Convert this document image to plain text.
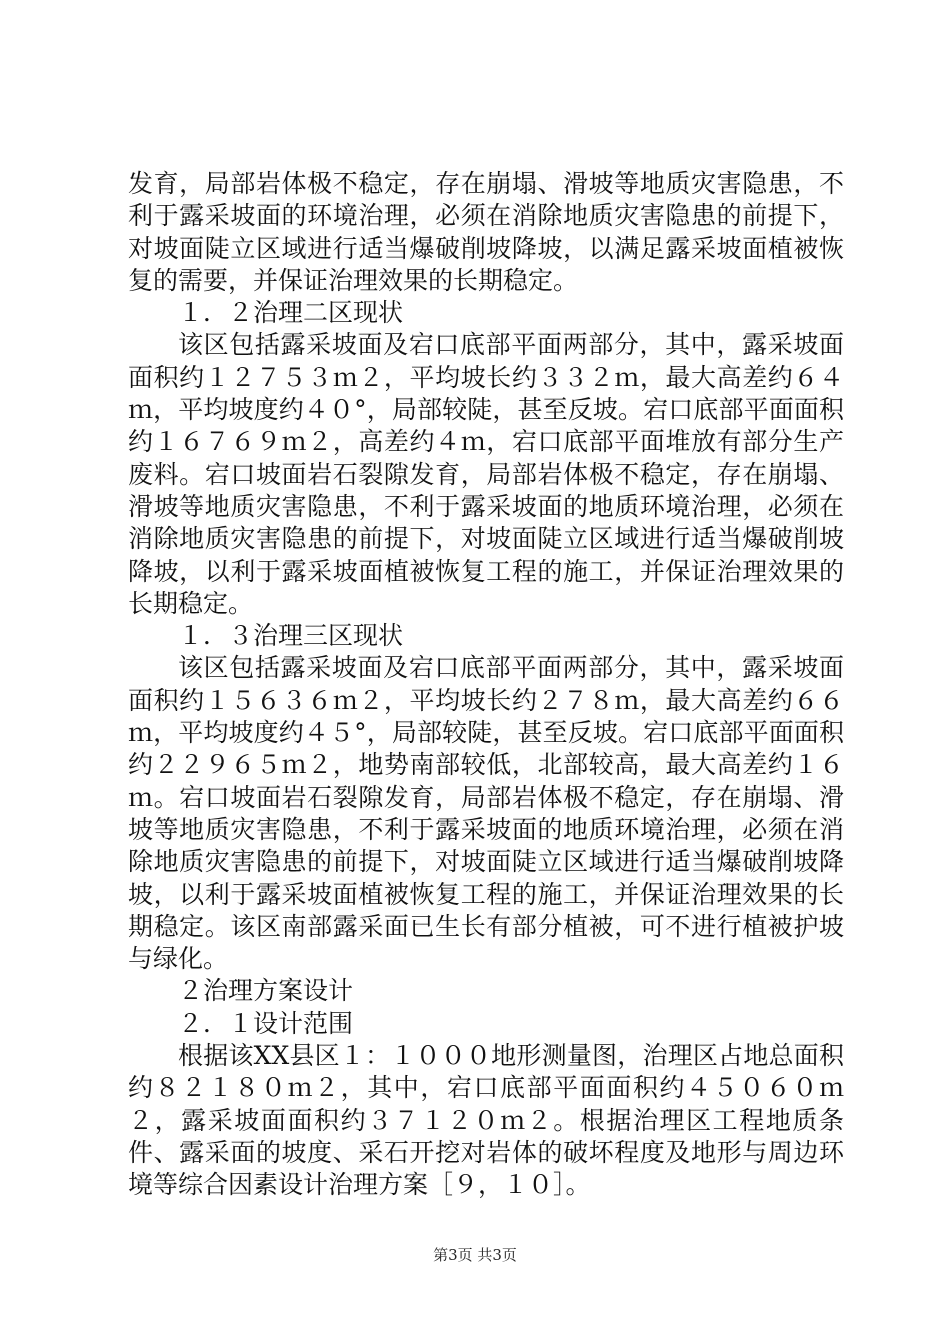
发育，局部岩体极不稳定，存在崩塌、滑坡等地质灾害隐患，不利于露采坡面的环境治理，必须在消除地质灾害隐患的前提下，对坡面陡立区域进行适当爆破削坡降坡，以满足露采坡面植被恢复的需要，并保证治理效果的长期稳定。

１．２治理二区现状

该区包括露采坡面及宕口底部平面两部分，其中，露采坡面面积约１２７５３ｍ２，平均坡长约３３２ｍ，最大高差约６４ｍ，平均坡度约４０°，局部较陡，甚至反坡。宕口底部平面面积约１６７６９ｍ２，高差约４ｍ，宕口底部平面堆放有部分生产废料。宕口坡面岩石裂隙发育，局部岩体极不稳定，存在崩塌、滑坡等地质灾害隐患，不利于露采坡面的地质环境治理，必须在消除地质灾害隐患的前提下，对坡面陡立区域进行适当爆破削坡降坡，以利于露采坡面植被恢复工程的施工，并保证治理效果的长期稳定。

１．３治理三区现状

该区包括露采坡面及宕口底部平面两部分，其中，露采坡面面积约１５６３６ｍ２，平均坡长约２７８ｍ，最大高差约６６ｍ，平均坡度约４５°，局部较陡，甚至反坡。宕口底部平面面积约２２９６５ｍ２，地势南部较低，北部较高，最大高差约１６ｍ。宕口坡面岩石裂隙发育，局部岩体极不稳定，存在崩塌、滑坡等地质灾害隐患，不利于露采坡面的地质环境治理，必须在消除地质灾害隐患的前提下，对坡面陡立区域进行适当爆破削坡降坡，以利于露采坡面植被恢复工程的施工，并保证治理效果的长期稳定。该区南部露采面已生长有部分植被，可不进行植被护坡与绿化。

２治理方案设计

２．１设计范围

根据该XX县区１：１０００地形测量图，治理区占地总面积约８２１８０ｍ２，其中，宕口底部平面面积约４５０６０ｍ２，露采坡面面积约３７１２０ｍ２。根据治理区工程地质条件、露采面的坡度、采石开挖对岩体的破坏程度及地形与周边环境等综合因素设计治理方案［９，１０］。

第3页 共3页
